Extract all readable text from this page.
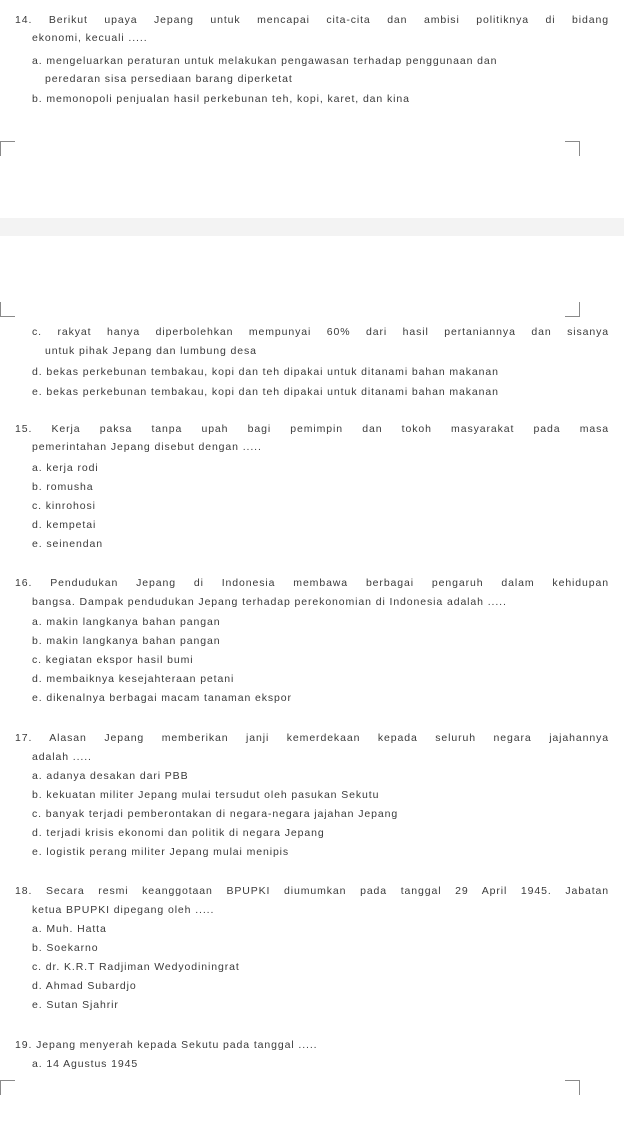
14. Berikut upaya Jepang untuk mencapai cita-cita dan ambisi politiknya di bidang
ekonomi, kecuali .....
a. mengeluarkan peraturan untuk melakukan pengawasan terhadap penggunaan dan
peredaran sisa persediaan barang diperketat
b. memonopoli penjualan hasil perkebunan teh, kopi, karet, dan kina
c. rakyat hanya diperbolehkan mempunyai 60% dari hasil pertaniannya dan sisanya
untuk pihak Jepang dan lumbung desa
d. bekas perkebunan tembakau, kopi dan teh dipakai untuk ditanami bahan makanan
e. bekas perkebunan tembakau, kopi dan teh dipakai untuk ditanami bahan makanan
15. Kerja paksa tanpa upah bagi pemimpin dan tokoh masyarakat pada masa
pemerintahan Jepang disebut dengan .....
a. kerja rodi
b. romusha
c. kinrohosi
d. kempetai
e. seinendan
16. Pendudukan Jepang di Indonesia membawa berbagai pengaruh dalam kehidupan
bangsa. Dampak pendudukan Jepang terhadap perekonomian di Indonesia adalah .....
a. makin langkanya bahan pangan
b. makin langkanya bahan pangan
c. kegiatan ekspor hasil bumi
d. membaiknya kesejahteraan petani
e. dikenalnya berbagai macam tanaman ekspor
17. Alasan Jepang memberikan janji kemerdekaan kepada seluruh negara jajahannya
adalah .....
a. adanya desakan dari PBB
b. kekuatan militer Jepang mulai tersudut oleh pasukan Sekutu
c. banyak terjadi pemberontakan di negara-negara jajahan Jepang
d. terjadi krisis ekonomi dan politik di negara Jepang
e. logistik perang militer Jepang mulai menipis
18. Secara resmi keanggotaan BPUPKI diumumkan pada tanggal 29 April 1945. Jabatan
ketua BPUPKI dipegang oleh .....
a. Muh. Hatta
b. Soekarno
c. dr. K.R.T Radjiman Wedyodiningrat
d. Ahmad Subardjo
e. Sutan Sjahrir
19. Jepang menyerah kepada Sekutu pada tanggal .....
a. 14 Agustus 1945
